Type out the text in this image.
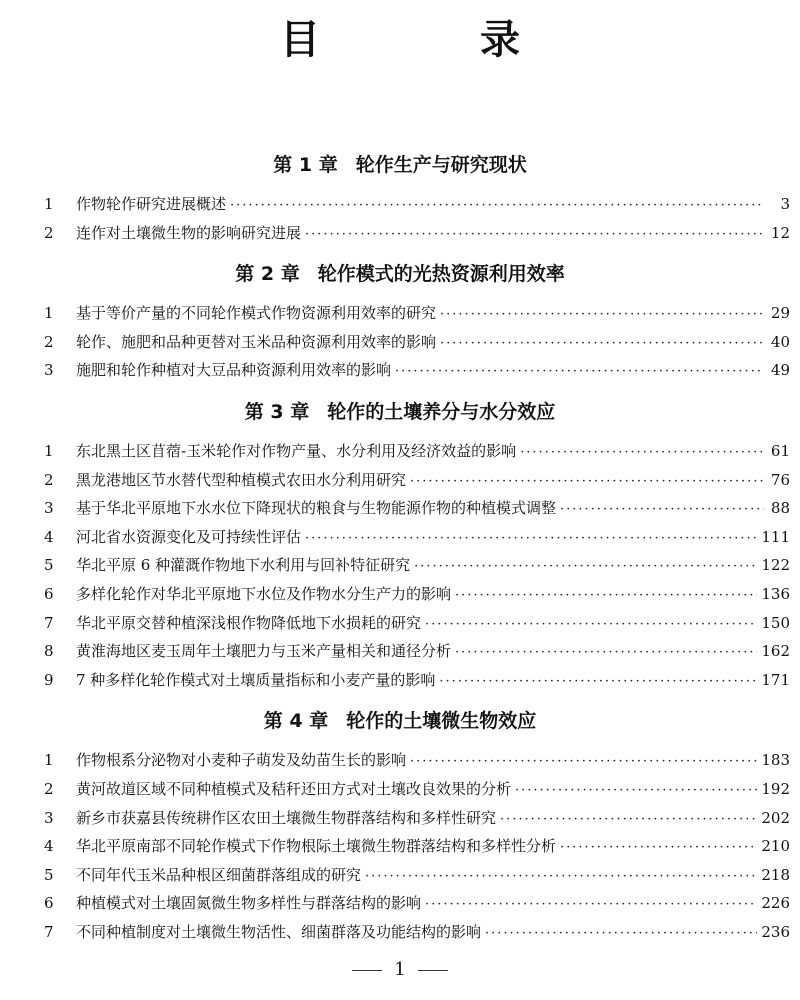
目　录
第 1 章 轮作生产与研究现状
1	作物轮作研究进展概述 ·····	3
2	连作对土壤微生物的影响研究进展 ·····	12
第 2 章 轮作模式的光热资源利用效率
1	基于等价产量的不同轮作模式作物资源利用效率的研究 ·····	29
2	轮作、施肥和品种更替对玉米品种资源利用效率的影响 ·····	40
3	施肥和轮作种植对大豆品种资源利用效率的影响 ·····	49
第 3 章 轮作的土壤养分与水分效应
1	东北黑土区苜蓿-玉米轮作对作物产量、水分利用及经济效益的影响 ·····	61
2	黑龙港地区节水替代型种植模式农田水分利用研究 ·····	76
3	基于华北平原地下水水位下降现状的粮食与生物能源作物的种植模式调整 ·····	88
4	河北省水资源变化及可持续性评估 ·····	111
5	华北平原 6 种灌溉作物地下水利用与回补特征研究 ·····	122
6	多样化轮作对华北平原地下水位及作物水分生产力的影响 ·····	136
7	华北平原交替种植深浅根作物降低地下水损耗的研究 ·····	150
8	黄淮海地区麦玉周年土壤肥力与玉米产量相关和通径分析 ·····	162
9	7 种多样化轮作模式对土壤质量指标和小麦产量的影响 ·····	171
第 4 章 轮作的土壤微生物效应
1	作物根系分泌物对小麦种子萌发及幼苗生长的影响 ·····	183
2	黄河故道区域不同种植模式及秸秆还田方式对土壤改良效果的分析 ·····	192
3	新乡市获嘉县传统耕作区农田土壤微生物群落结构和多样性研究 ·····	202
4	华北平原南部不同轮作模式下作物根际土壤微生物群落结构和多样性分析 ·····	210
5	不同年代玉米品种根区细菌群落组成的研究 ·····	218
6	种植模式对土壤固氮微生物多样性与群落结构的影响 ·····	226
7	不同种植制度对土壤微生物活性、细菌群落及功能结构的影响 ·····	236
1
